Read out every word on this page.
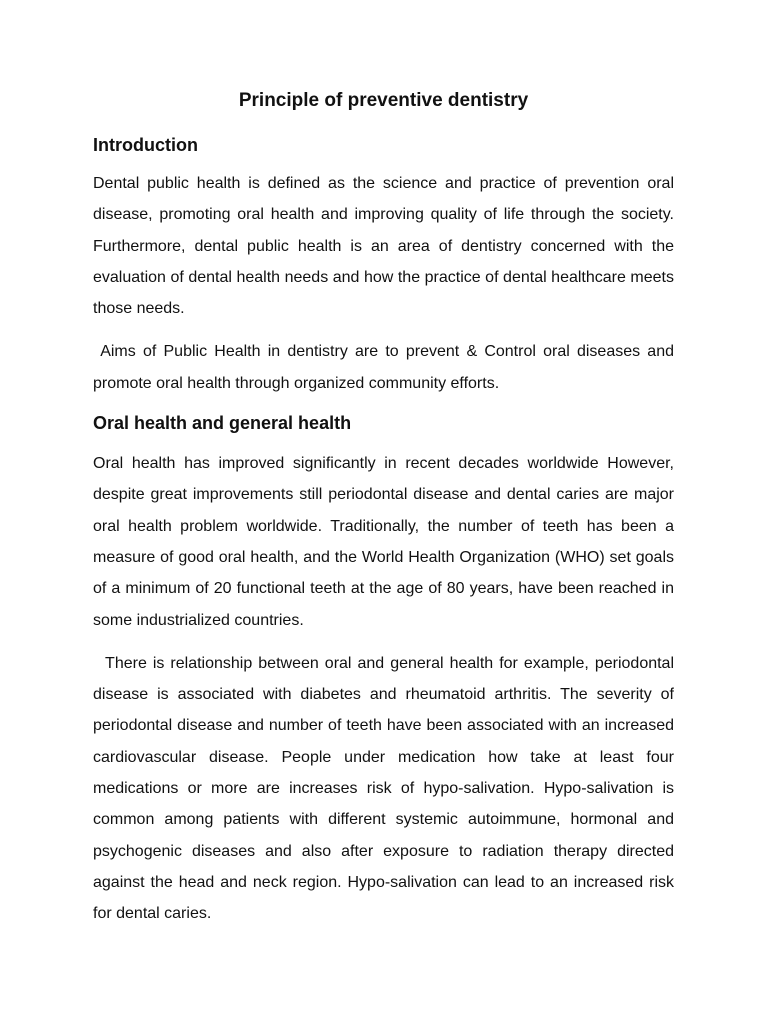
Principle of preventive dentistry
Introduction

Dental public health is defined as the science and practice of prevention oral disease, promoting oral health and improving quality of life through the society. Furthermore, dental public health is an area of dentistry concerned with the evaluation of dental health needs and how the practice of dental healthcare meets those needs.

Aims of Public Health in dentistry are to prevent & Control oral diseases and promote oral health through organized community efforts.

Oral health and general health

Oral health has improved significantly in recent decades worldwide However, despite great improvements still periodontal disease and dental caries are major oral health problem worldwide. Traditionally, the number of teeth has been a measure of good oral health, and the World Health Organization (WHO) set goals of a minimum of 20 functional teeth at the age of 80 years, have been reached in some industrialized countries.

There is relationship between oral and general health for example, periodontal disease is associated with diabetes and rheumatoid arthritis. The severity of periodontal disease and number of teeth have been associated with an increased cardiovascular disease. People under medication how take at least four medications or more are increases risk of hypo-salivation. Hypo-salivation is common among patients with different systemic autoimmune, hormonal and psychogenic diseases and also after exposure to radiation therapy directed against the head and neck region. Hypo-salivation can lead to an increased risk for dental caries.
